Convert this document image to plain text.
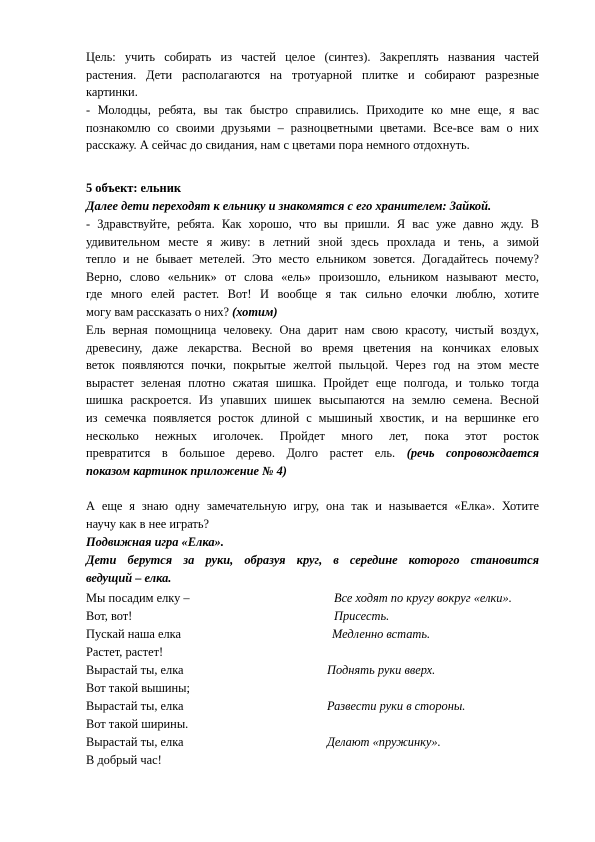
Цель: учить собирать из частей целое (синтез). Закреплять названия частей
растения. Дети располагаются на тротуарной плитке и собирают разрезные
картинки.
- Молодцы, ребята, вы так быстро справились. Приходите ко мне еще, я вас
познакомлю со своими друзьями – разноцветными цветами. Все-все вам о них
расскажу. А сейчас до свидания, нам с цветами пора немного отдохнуть.
5 объект: ельник
Далее дети переходят к ельнику и знакомятся с его хранителем: Зайкой.
- Здравствуйте, ребята. Как хорошо, что вы пришли. Я вас уже давно жду. В
удивительном месте я живу: в летний зной здесь прохлада и тень, а зимой
тепло и не бывает метелей. Это место ельником зовется. Догадайтесь почему?
Верно, слово «ельник» от слова «ель» произошло, ельником называют место,
где много елей растет. Вот! И вообще я так сильно елочки люблю, хотите
могу вам рассказать о них? (хотим)
Ель верная помощница человеку. Она дарит нам свою красоту, чистый воздух,
древесину, даже лекарства. Весной во время цветения на кончиках еловых
веток появляются почки, покрытые желтой пыльцой. Через год на этом месте
вырастет зеленая плотно сжатая шишка. Пройдет еще полгода, и только тогда
шишка раскроется. Из упавших шишек высыпаются на землю семена. Весной
из семечка появляется росток длиной с мышиный хвостик, и на вершинке его
несколько нежных иголочек. Пройдет много лет, пока этот росток
превратится в большое дерево. Долго растет ель. (речь сопровождается
показом картинок приложение № 4)
А еще я знаю одну замечательную игру, она так и называется «Елка». Хотите
научу как в нее играть?
Подвижная игра «Елка».
Дети берутся за руки, образуя круг, в середине которого становится
ведущий – елка.
Мы посадим елку –	Все ходят по кругу вокруг «елки».
Вот, вот!	Присесть.
Пускай наша елка	Медленно встать.
Растет, растет!
Вырастай ты, елка	Поднять руки вверх.
Вот такой вышины;
Вырастай ты, елка	Развести руки в стороны.
Вот такой ширины.
Вырастай ты, елка	Делают «пружинку».
В добрый час!
